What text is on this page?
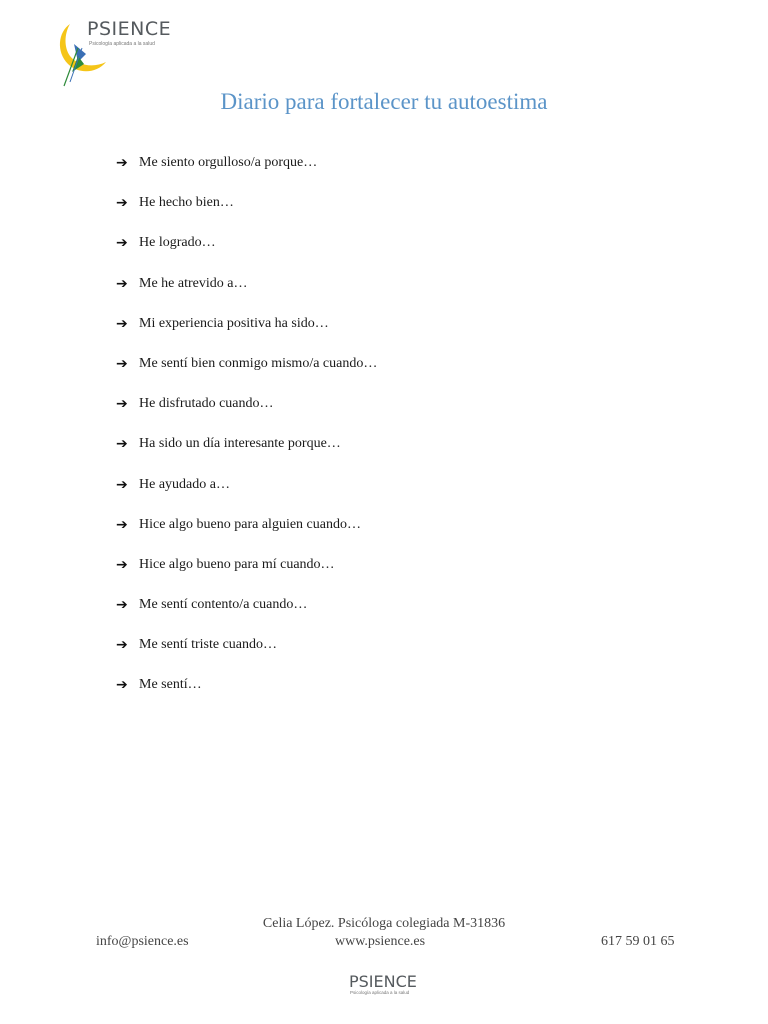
PSIENCE
Psicología aplicada a la salud
Diario para fortalecer tu autoestima
➔ Me siento orgulloso/a porque…
➔ He hecho bien…
➔ He logrado…
➔ Me he atrevido a…
➔ Mi experiencia positiva ha sido…
➔ Me sentí bien conmigo mismo/a cuando…
➔ He disfrutado cuando…
➔ Ha sido un día interesante porque…
➔ He ayudado a…
➔ Hice algo bueno para alguien cuando…
➔ Hice algo bueno para mí cuando…
➔ Me sentí contento/a cuando…
➔ Me sentí triste cuando…
➔ Me sentí…
Celia López. Psicóloga colegiada M-31836
info@psience.es	www.psience.es	617 59 01 65
PSIENCE
Psicología aplicada a la salud
